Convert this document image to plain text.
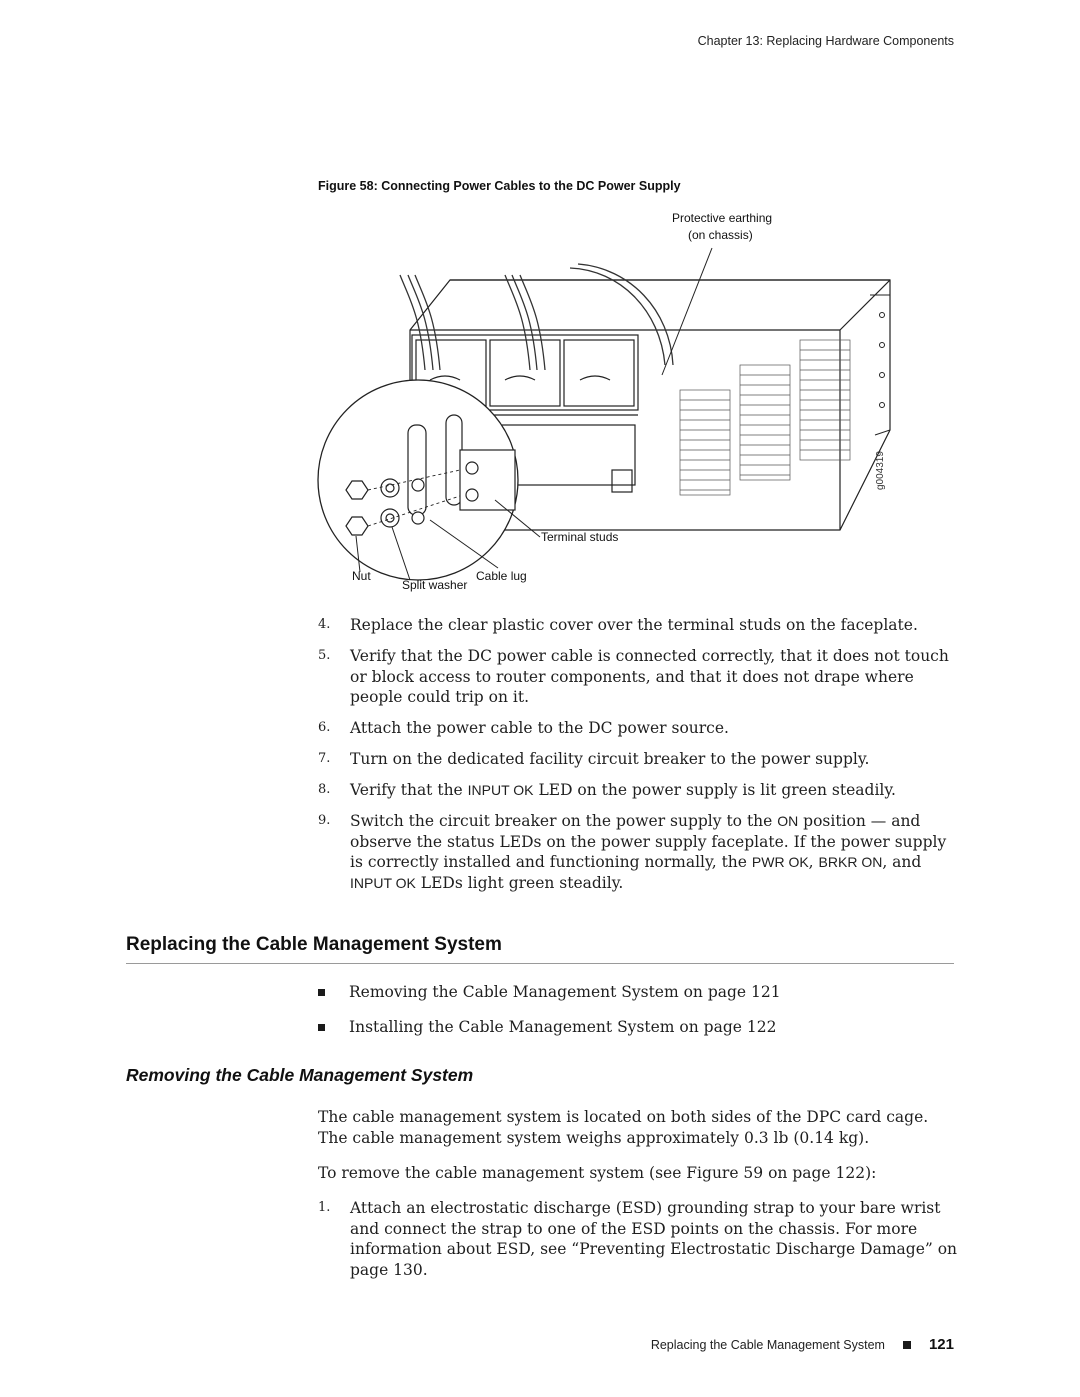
Chapter 13: Replacing Hardware Components
Figure 58: Connecting Power Cables to the DC Power Supply
Protective earthing
(on chassis)
Terminal studs
Nut
Split washer
Cable lug
g004319
4. Replace the clear plastic cover over the terminal studs on the faceplate.
5. Verify that the DC power cable is connected correctly, that it does not touch or block access to router components, and that it does not drape where people could trip on it.
6. Attach the power cable to the DC power source.
7. Turn on the dedicated facility circuit breaker to the power supply.
8. Verify that the INPUT OK LED on the power supply is lit green steadily.
9. Switch the circuit breaker on the power supply to the ON position — and observe the status LEDs on the power supply faceplate. If the power supply is correctly installed and functioning normally, the PWR OK, BRKR ON, and INPUT OK LEDs light green steadily.
Replacing the Cable Management System
Removing the Cable Management System on page 121
Installing the Cable Management System on page 122
Removing the Cable Management System

The cable management system is located on both sides of the DPC card cage. The cable management system weighs approximately 0.3 lb (0.14 kg).

To remove the cable management system (see Figure 59 on page 122):

1. Attach an electrostatic discharge (ESD) grounding strap to your bare wrist and connect the strap to one of the ESD points on the chassis. For more information about ESD, see “Preventing Electrostatic Discharge Damage” on page 130.
Replacing the Cable Management System	121
